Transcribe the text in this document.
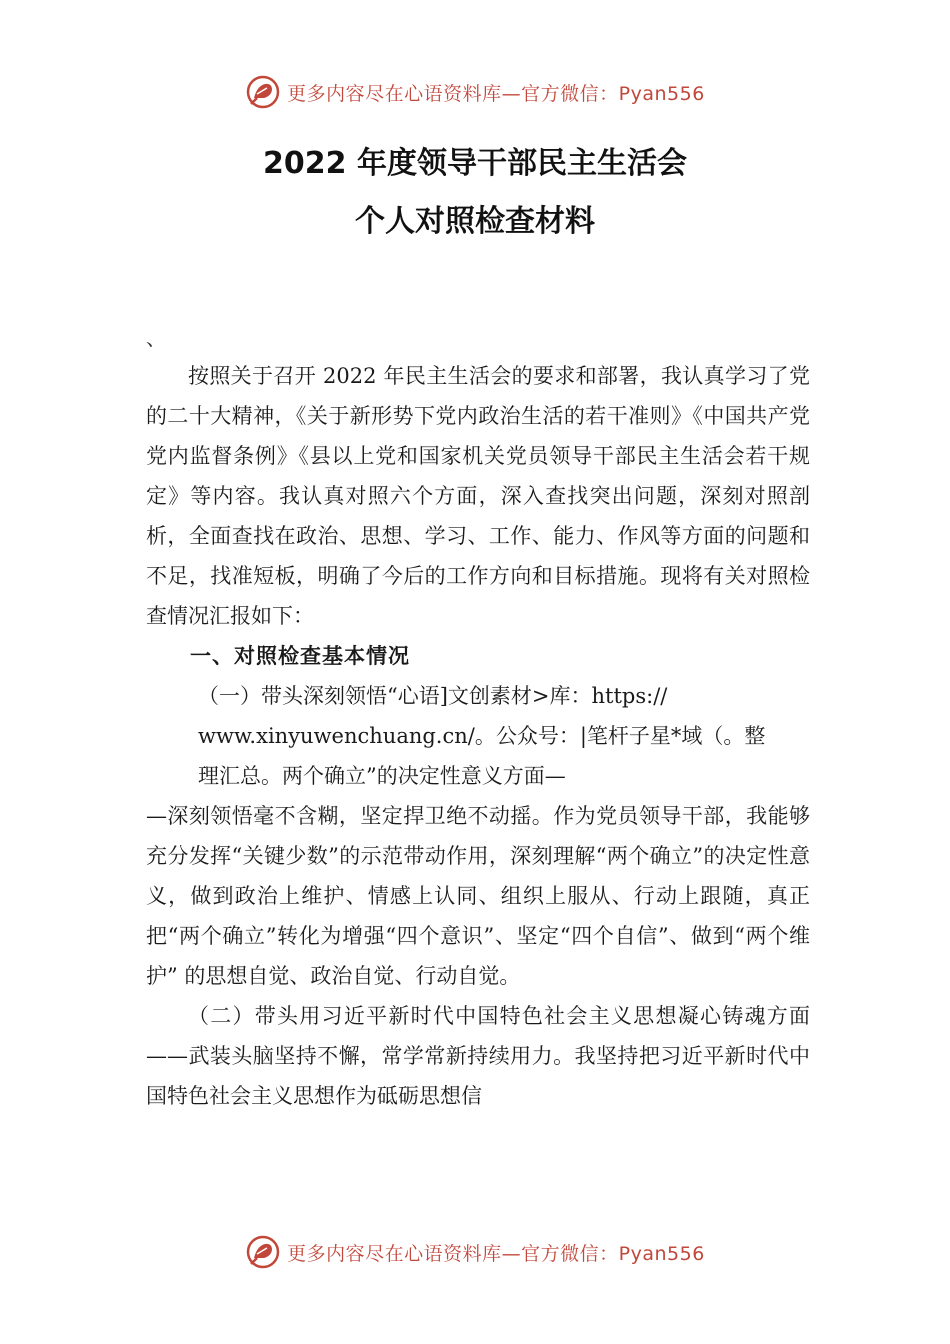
更多内容尽在心语资料库—官方微信：Pyan556
2022 年度领导干部民主生活会
个人对照检查材料
、

按照关于召开 2022 年民主生活会的要求和部署，我认真学习了党的二十大精神，《关于新形势下党内政治生活的若干准则》《中国共产党党内监督条例》《县以上党和国家机关党员领导干部民主生活会若干规定》等内容。我认真对照六个方面，深入查找突出问题，深刻对照剖析，全面查找在政治、思想、学习、工作、能力、作风等方面的问题和不足，找准短板，明确了今后的工作方向和目标措施。现将有关对照检查情况汇报如下：

一、对照检查基本情况

（一）带头深刻领悟“心语]文创素材>库：https://

www.xinyuwenchuang.cn/。公众号：|笔杆子星*域（。整

理汇总。两个确立”的决定性意义方面—

—深刻领悟毫不含糊，坚定捍卫绝不动摇。作为党员领导干部，我能够充分发挥“关键少数”的示范带动作用，深刻理解“两个确立”的决定性意义，做到政治上维护、情感上认同、组织上服从、行动上跟随，真正把“两个确立”转化为增强“四个意识”、坚定“四个自信”、做到“两个维护” 的思想自觉、政治自觉、行动自觉。

（二）带头用习近平新时代中国特色社会主义思想凝心铸魂方面——武装头脑坚持不懈，常学常新持续用力。我坚持把习近平新时代中国特色社会主义思想作为砥砺思想信

更多内容尽在心语资料库—官方微信：Pyan556
